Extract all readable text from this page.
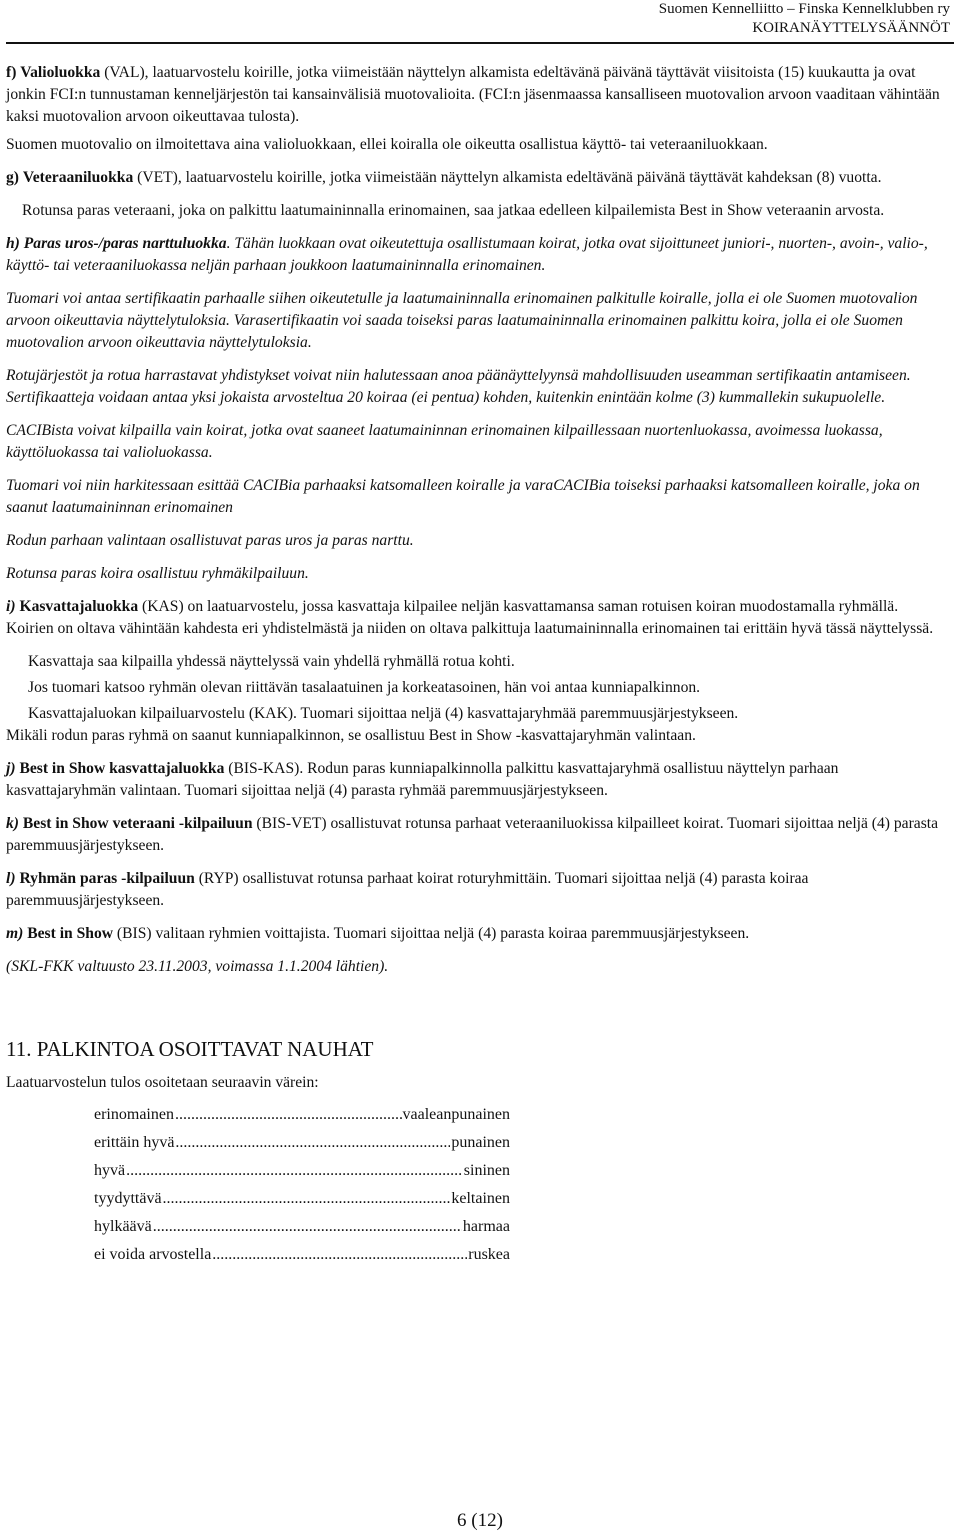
Suomen Kennelliitto – Finska Kennelklubben ry
KOIRANÄYTTELYSÄÄNNÖT

f) Valioluokka (VAL), laatuarvostelu koirille, jotka viimeistään näyttelyn alkamista edeltävänä päivänä täyttävät viisitoista (15) kuukautta ja ovat jonkin FCI:n tunnustaman kenneljärjestön tai kansainvälisiä muotovalioita. (FCI:n jäsenmaassa kansalliseen muotovalion arvoon vaaditaan vähintään kaksi muotovalion arvoon oikeuttavaa tulosta).

Suomen muotovalio on ilmoitettava aina valioluokkaan, ellei koiralla ole oikeutta osallistua käyttö- tai veteraaniluokkaan.

g) Veteraaniluokka (VET), laatuarvostelu koirille, jotka viimeistään näyttelyn alkamista edeltävänä päivänä täyttävät kahdeksan (8) vuotta.

Rotunsa paras veteraani, joka on palkittu laatumaininnalla erinomainen, saa jatkaa edelleen kilpailemista Best in Show veteraanin arvosta.

h) Paras uros-/paras narttuluokka. Tähän luokkaan ovat oikeutettuja osallistumaan koirat, jotka ovat sijoittuneet juniori-, nuorten-, avoin-, valio-, käyttö- tai veteraaniluokassa neljän parhaan joukkoon laatumaininnalla erinomainen.

Tuomari voi antaa sertifikaatin parhaalle siihen oikeutetulle ja laatumaininnalla erinomainen palkitulle koiralle, jolla ei ole Suomen muotovalion arvoon oikeuttavia näyttelytuloksia. Varasertifikaatin voi saada toiseksi paras laatumaininnalla erinomainen palkittu koira, jolla ei ole Suomen muotovalion arvoon oikeuttavia näyttelytuloksia.

Rotujärjestöt ja rotua harrastavat yhdistykset voivat niin halutessaan anoa päänäyttelyynsä mahdollisuuden useamman sertifikaatin antamiseen. Sertifikaatteja voidaan antaa yksi jokaista arvosteltua 20 koiraa (ei pentua) kohden, kuitenkin enintään kolme (3) kummallekin sukupuolelle.

CACIBista voivat kilpailla vain koirat, jotka ovat saaneet laatumaininnan erinomainen kilpaillessaan nuortenluokassa, avoimessa luokassa, käyttöluokassa tai valioluokassa.

Tuomari voi niin harkitessaan esittää CACIBia parhaaksi katsomalleen koiralle ja varaCACIBia toiseksi parhaaksi katsomalleen koiralle, joka on saanut laatumaininnan erinomainen

Rodun parhaan valintaan osallistuvat paras uros ja paras narttu.

Rotunsa paras koira osallistuu ryhmäkilpailuun.

i) Kasvattajaluokka (KAS) on laatuarvostelu, jossa kasvattaja kilpailee neljän kasvattamansa saman rotuisen koiran muodostamalla ryhmällä. Koirien on oltava vähintään kahdesta eri yhdistelmästä ja niiden on oltava palkittuja laatumaininnalla erinomainen tai erittäin hyvä tässä näyttelyssä.

Kasvattaja saa kilpailla yhdessä näyttelyssä vain yhdellä ryhmällä rotua kohti.

Jos tuomari katsoo ryhmän olevan riittävän tasalaatuinen ja korkeatasoinen, hän voi antaa kunniapalkinnon.

Kasvattajaluokan kilpailuarvostelu (KAK). Tuomari sijoittaa neljä (4) kasvattajaryhmää paremmuusjärjestykseen.

Mikäli rodun paras ryhmä on saanut kunniapalkinnon, se osallistuu Best in Show -kasvattajaryhmän valintaan.

j) Best in Show kasvattajaluokka (BIS-KAS). Rodun paras kunniapalkinnolla palkittu kasvattajaryhmä osallistuu näyttelyn parhaan kasvattajaryhmän valintaan. Tuomari sijoittaa neljä (4) parasta ryhmää paremmuusjärjestykseen.

k) Best in Show veteraani -kilpailuun (BIS-VET) osallistuvat rotunsa parhaat veteraaniluokissa kilpailleet koirat. Tuomari sijoittaa neljä (4) parasta paremmuusjärjestykseen.

l) Ryhmän paras -kilpailuun (RYP) osallistuvat rotunsa parhaat koirat roturyhmittäin. Tuomari sijoittaa neljä (4) parasta koiraa paremmuusjärjestykseen.

m) Best in Show (BIS) valitaan ryhmien voittajista. Tuomari sijoittaa neljä (4) parasta koiraa paremmuusjärjestykseen.

(SKL-FKK valtuusto 23.11.2003, voimassa 1.1.2004 lähtien).

11. PALKINTOA OSOITTAVAT NAUHAT

Laatuarvostelun tulos osoitetaan seuraavin värein:

erinomainen .....	vaaleanpunainen
erittäin hyvä .....	punainen
hyvä .....	sininen
tyydyttävä .....	keltainen
hylkäävä .....	harmaa
ei voida arvostella .....	ruskea
6 (12)
